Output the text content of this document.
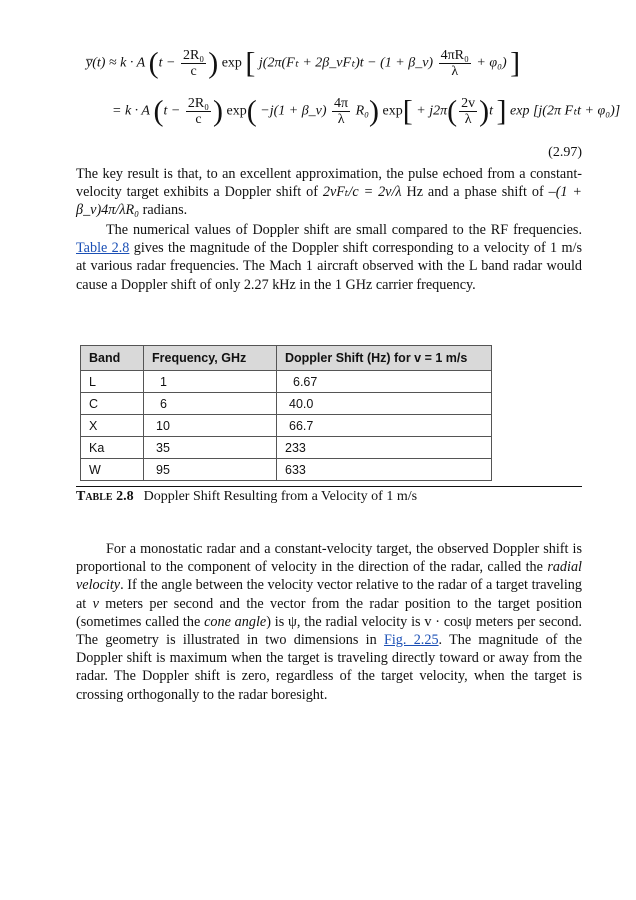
y̅(t) ≈ k · A ($t - \frac{\text{2R₀}}{c}$ ) exp [ j(2π(Fₜ + 2β_vFₜ)t − (1 + β_v) $\frac{\text{4πR₀}}{\lambda} + \varphi_0$) ]
= k · A ($t - \frac{\text{2R₀}}{c}$ ) exp( −j(1 + β_v) $\frac{4\pi}{\lambda} R_0$) $\exp[ + j2\pi( \frac{2v}{\lambda} )t$ ] exp [j(2π Fₜt + φ₀)]
(2.97)
The key result is that, to an excellent approximation, the pulse echoed from a constant-velocity target exhibits a Doppler shift of 2vFₜ/c = 2v/λ Hz and a phase shift of –(1 + β_v)4π/λR₀ radians.
The numerical values of Doppler shift are small compared to the RF frequencies. Table 2.8 gives the magnitude of the Doppler shift corresponding to a velocity of 1 m/s at various radar frequencies. The Mach 1 aircraft observed with the L band radar would cause a Doppler shift of only 2.27 kHz in the 1 GHz carrier frequency.
Band	Frequency, GHz	Doppler Shift (Hz) for v = 1 m/s
L	1	6.67
C	6	40.0
X	10	66.7
Ka	35	233
W	95	633
Table 2.8 Doppler Shift Resulting from a Velocity of 1 m/s
For a monostatic radar and a constant-velocity target, the observed Doppler shift is proportional to the component of velocity in the direction of the radar, called the radial velocity. If the angle between the velocity vector relative to the radar of a target traveling at v meters per second and the vector from the radar position to the target position (sometimes called the cone angle) is ψ, the radial velocity is v · cosψ meters per second. The geometry is illustrated in two dimensions in Fig. 2.25. The magnitude of the Doppler shift is maximum when the target is traveling directly toward or away from the radar. The Doppler shift is zero, regardless of the target velocity, when the target is crossing orthogonally to the radar boresight.
